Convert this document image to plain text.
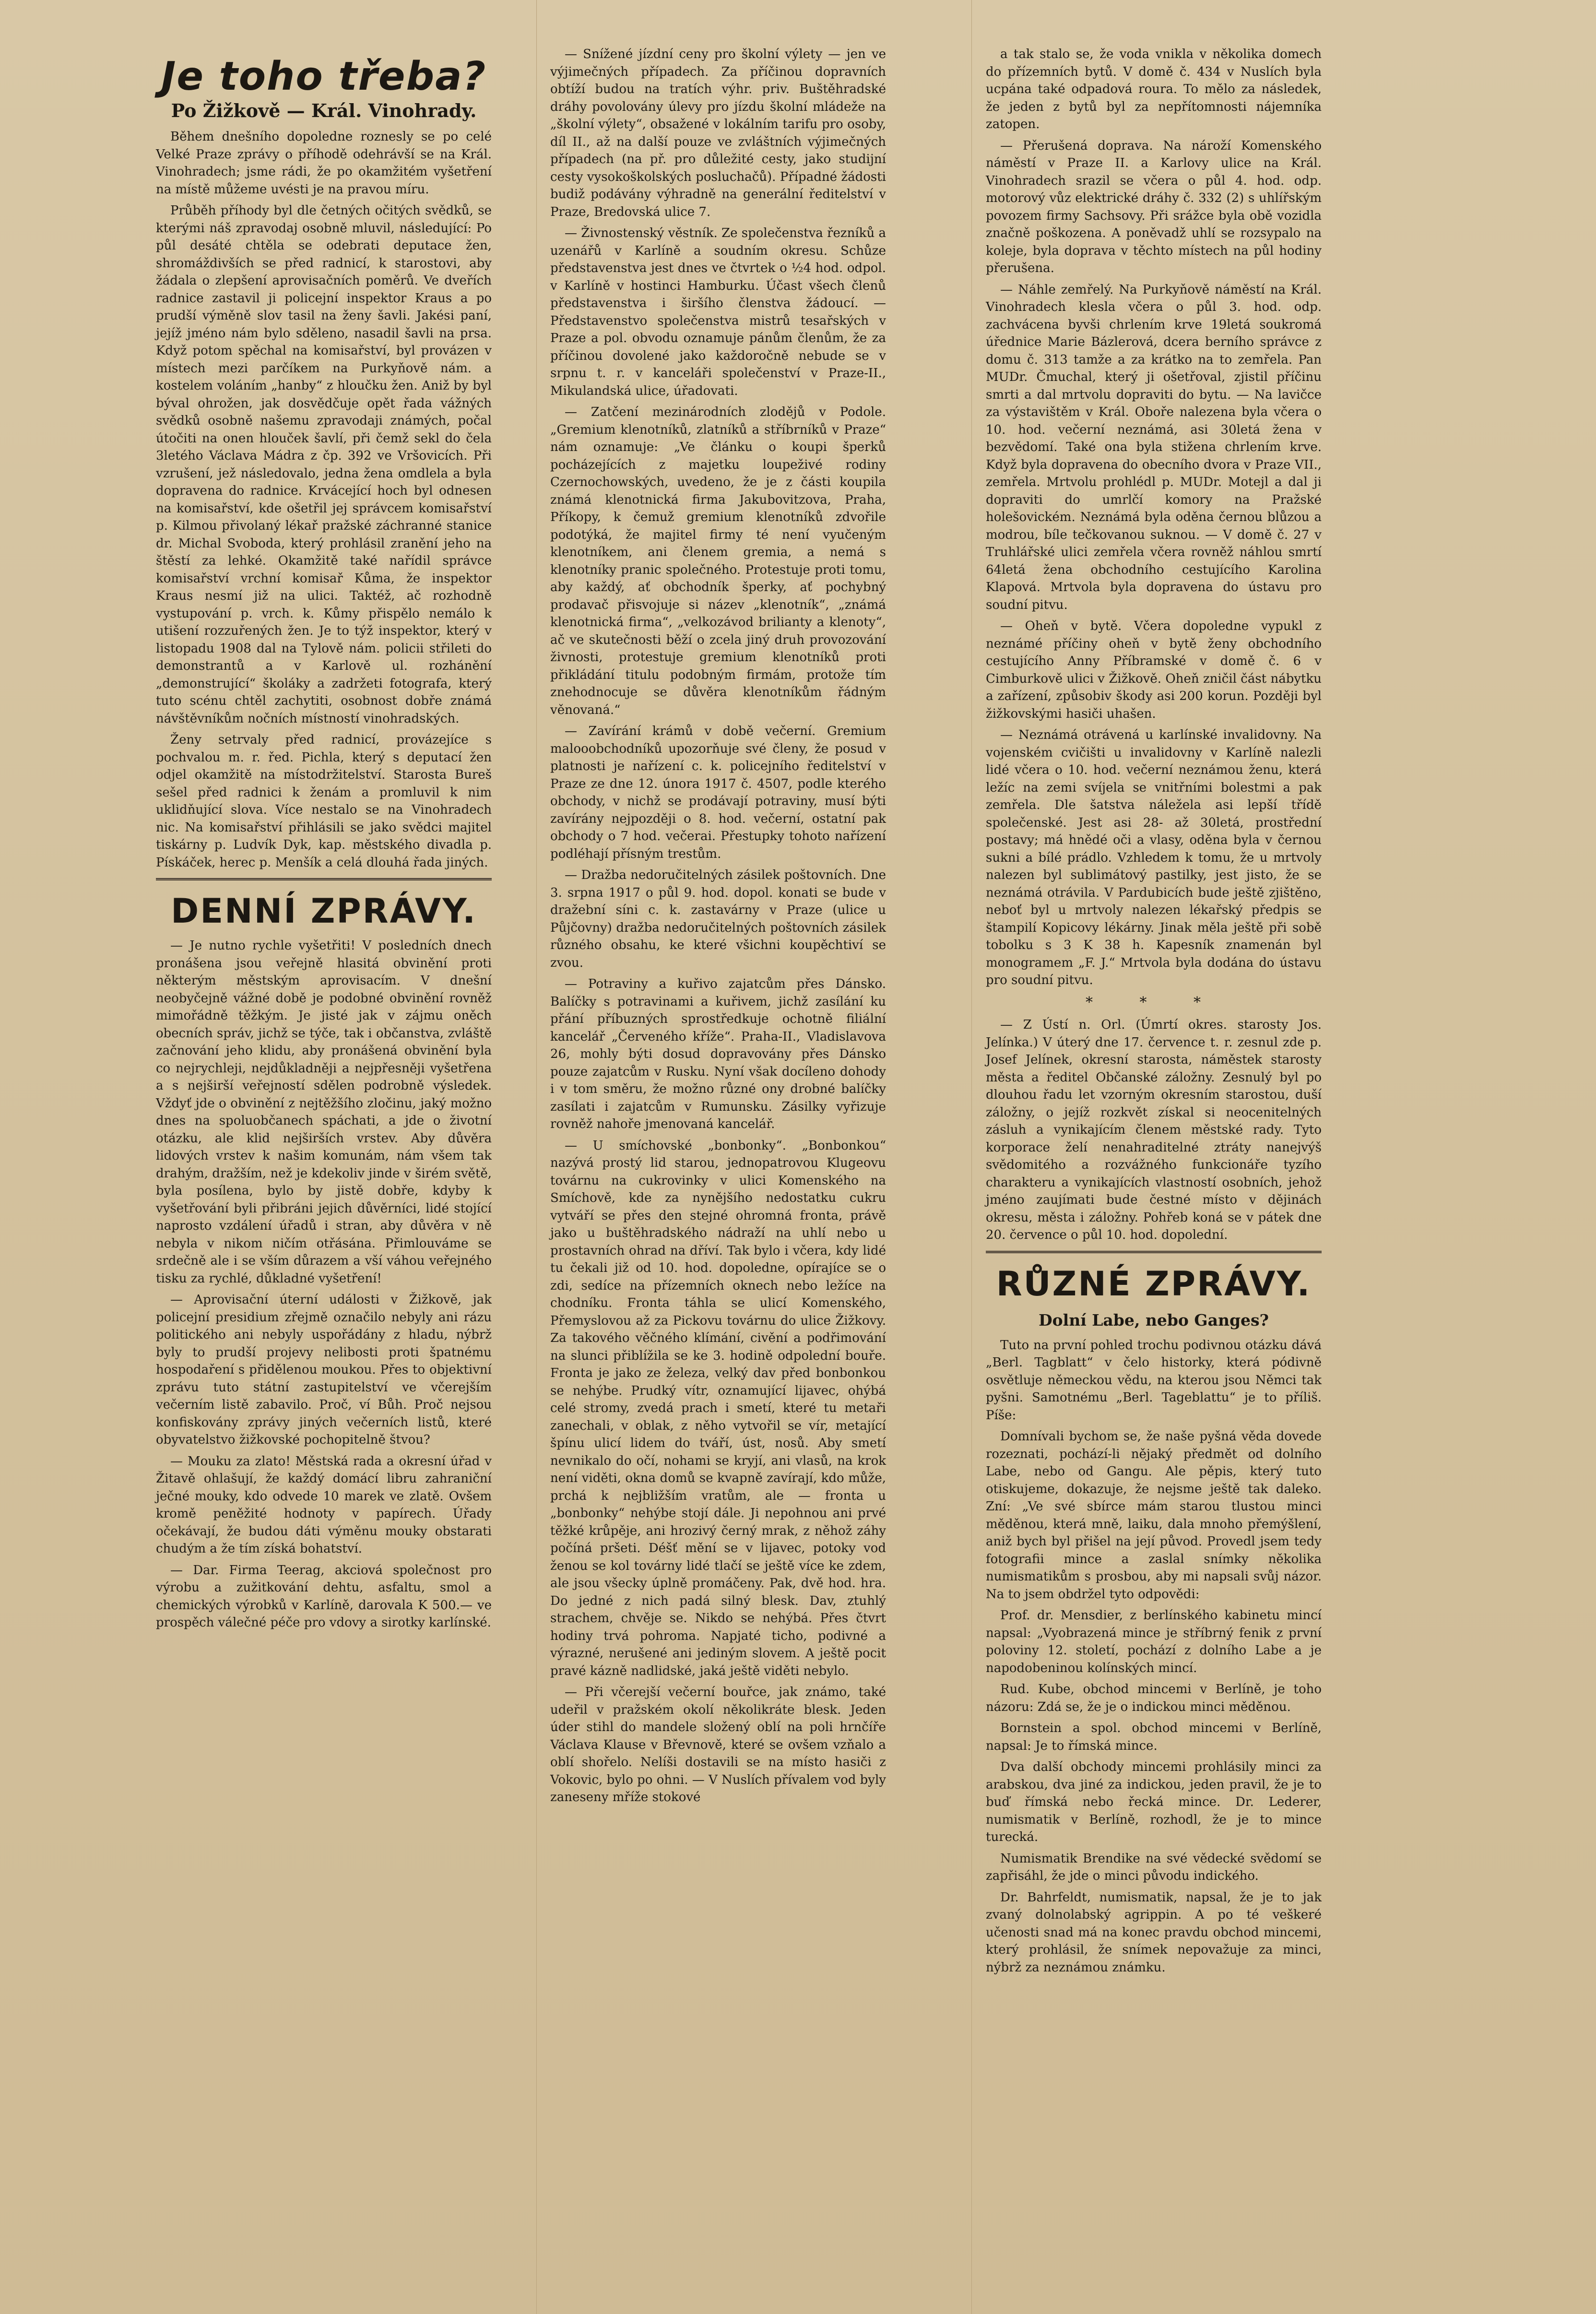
Je toho třeba?
Po Žižkově — Král. Vinohrady.

Během dnešního dopoledne roznesly se po celé Velké Praze zprávy o příhodě odehrávší se na Král. Vinohradech; jsme rádi, že po okamžitém vyšetření na místě můžeme uvésti je na pravou míru.

Průběh příhody byl dle četných očitých svědků, se kterými náš zpravodaj osobně mluvil, následující: Po půl desáté chtěla se odebrati deputace žen, shromáždivších se před radnicí, k starostovi, aby žádala o zlepšení aprovisačních poměrů. Ve dveřích radnice zastavil ji policejní inspektor Kraus a po prudší výměně slov tasil na ženy šavli. Jakési paní, jejíž jméno nám bylo sděleno, nasadil šavli na prsa. Když potom spěchal na komisařství, byl provázen v místech mezi parčíkem na Purkyňově nám. a kostelem voláním „hanby“ z hloučku žen. Aniž by byl býval ohrožen, jak dosvědčuje opět řada vážných svědků osobně našemu zpravodaji známých, počal útočiti na onen hlouček šavlí, při čemž sekl do čela 3letého Václava Mádra z čp. 392 ve Vršovicích. Při vzrušení, jež následovalo, jedna žena omdlela a byla dopravena do radnice. Krvácející hoch byl odnesen na komisařství, kde ošetřil jej správcem komisařství p. Kilmou přivolaný lékař pražské záchranné stanice dr. Michal Svoboda, který prohlásil zranění jeho na štěstí za lehké. Okamžitě také nařídil správce komisařství vrchní komisař Kůma, že inspektor Kraus nesmí již na ulici. Taktéž, ač rozhodně vystupování p. vrch. k. Kůmy přispělo nemálo k utišení rozzuřených žen. Je to týž inspektor, který v listopadu 1908 dal na Tylově nám. policii střileti do demonstrantů a v Karlově ul. rozhánění „demonstrující“ školáky a zadržeti fotografa, který tuto scénu chtěl zachytiti, osobnost dobře známá návštěvníkům nočních místností vinohradských.

Ženy setrvaly před radnicí, provázejíce s pochvalou m. r. řed. Pichla, který s deputací žen odjel okamžitě na místodržitelství. Starosta Bureš sešel před radnici k ženám a promluvil k nim uklidňující slova. Více nestalo se na Vinohradech nic. Na komisařství přihlásili se jako svědci majitel tiskárny p. Ludvík Dyk, kap. městského divadla p. Pískáček, herec p. Menšík a celá dlouhá řada jiných.

DENNÍ ZPRÁVY.

— Je nutno rychle vyšetřiti! V posledních dnech pronášena jsou veřejně hlasitá obvinění proti některým městským aprovisacím. V dnešní neobyčejně vážné době je podobné obvinění rovněž mimořádně těžkým. Je jisté jak v zájmu oněch obecních správ, jichž se týče, tak i občanstva, zvláště začnování jeho klidu, aby pronášená obvinění byla co nejrychleji, nejdůkladněji a nejpřesněji vyšetřena a s nejširší veřejností sdělen podrobně výsledek. Vždyť jde o obvinění z nejtěžšího zločinu, jaký možno dnes na spoluobčanech spáchati, a jde o životní otázku, ale klid nejširších vrstev. Aby důvěra lidových vrstev k našim komunám, nám všem tak drahým, dražším, než je kdekoliv jinde v širém světě, byla posílena, bylo by jistě dobře, kdyby k vyšetřování byli přibráni jejich důvěrníci, lidé stojící naprosto vzdálení úřadů i stran, aby důvěra v ně nebyla v nikom ničím otřásána. Přimlouváme se srdečně ale i se vším důrazem a vší váhou veřejného tisku za rychlé, důkladné vyšetření!

— Aprovisační úterní události v Žižkově, jak policejní presidium zřejmě označilo nebyly ani rázu politického ani nebyly uspořádány z hladu, nýbrž byly to prudší projevy nelibosti proti špatnému hospodaření s přidělenou moukou. Přes to objektivní zprávu tuto státní zastupitelství ve včerejším večerním listě zabavilo. Proč, ví Bůh. Proč nejsou konfiskovány zprávy jiných večerních listů, které obyvatelstvo žižkovské pochopitelně štvou?

— Mouku za zlato! Městská rada a okresní úřad v Žitavě ohlašují, že každý domácí libru zahraniční ječné mouky, kdo odvede 10 marek ve zlatě. Ovšem kromě peněžité hodnoty v papírech. Úřady očekávají, že budou dáti výměnu mouky obstarati chudým a že tím získá bohatství.

— Dar. Firma Teerag, akciová společnost pro výrobu a zužitkování dehtu, asfaltu, smol a chemických výrobků v Karlíně, darovala K 500.— ve prospěch válečné péče pro vdovy a sirotky karlínské.

— Snížené jízdní ceny pro školní výlety — jen ve výjimečných případech. Za příčinou dopravních obtíží budou na tratích výhr. priv. Buštěhradské dráhy povolovány úlevy pro jízdu školní mládeže na „školní výlety“, obsažené v lokálním tarifu pro osoby, díl II., až na další pouze ve zvláštních výjimečných případech (na př. pro důležité cesty, jako studijní cesty vysokoškolských posluchačů). Případné žádosti budiž podávány výhradně na generální ředitelství v Praze, Bredovská ulice 7.

— Živnostenský věstník. Ze společenstva řezníků a uzenářů v Karlíně a soudním okresu. Schůze představenstva jest dnes ve čtvrtek o ½4 hod. odpol. v Karlíně v hostinci Hamburku. Účast všech členů představenstva i širšího členstva žádoucí. — Představenstvo společenstva mistrů tesařských v Praze a pol. obvodu oznamuje pánům členům, že za příčinou dovolené jako každoročně nebude se v srpnu t. r. v kanceláři společenství v Praze-II., Mikulandská ulice, úřadovati.

— Zatčení mezinárodních zlodějů v Podole. „Gremium klenotníků, zlatníků a stříbrníků v Praze“ nám oznamuje: „Ve článku o koupi šperků pocházejících z majetku loupeživé rodiny Czernochowských, uvedeno, že je z části koupila známá klenotnická firma Jakubovitzova, Praha, Příkopy, k čemuž gremium klenotníků zdvořile podotýká, že majitel firmy té není vyučeným klenotníkem, ani členem gremia, a nemá s klenotníky pranic společného. Protestuje proti tomu, aby každý, ať obchodník šperky, ať pochybný prodavač přisvojuje si název „klenotník“, „známá klenotnická firma“, „velkozávod brilianty a klenoty“, ač ve skutečnosti běží o zcela jiný druh provozování živnosti, protestuje gremium klenotníků proti přikládání titulu podobným firmám, protože tím znehodnocuje se důvěra klenotníkům řádným věnovaná.“

— Zavírání krámů v době večerní. Gremium malooobchodníků upozorňuje své členy, že posud v platnosti je nařízení c. k. policejního ředitelství v Praze ze dne 12. února 1917 č. 4507, podle kterého obchody, v nichž se prodávají potraviny, musí býti zavírány nejpozději o 8. hod. večerní, ostatní pak obchody o 7 hod. večerai. Přestupky tohoto nařízení podléhají přísným trestům.

— Dražba nedoručitelných zásilek poštovních. Dne 3. srpna 1917 o půl 9. hod. dopol. konati se bude v dražební síni c. k. zastavárny v Praze (ulice u Půjčovny) dražba nedoručitelných poštovních zásilek různého obsahu, ke které všichni koupěchtiví se zvou.

— Potraviny a kuřivo zajatcům přes Dánsko. Balíčky s potravinami a kuřivem, jichž zasílání ku přání příbuzných sprostředkuje ochotně filiální kancelář „Červeného kříže“. Praha-II., Vladislavova 26, mohly býti dosud dopravovány přes Dánsko pouze zajatcům v Rusku. Nyní však docíleno dohody i v tom směru, že možno různé ony drobné balíčky zasílati i zajatcům v Rumunsku. Zásilky vyřizuje rovněž nahoře jmenovaná kancelář.

— U smíchovské „bonbonky“. „Bonbonkou“ nazývá prostý lid starou, jednopatrovou Klugeovu továrnu na cukrovinky v ulici Komenského na Smíchově, kde za nynějšího nedostatku cukru vytváří se přes den stejné ohromná fronta, právě jako u buštěhradského nádraží na uhlí nebo u prostavních ohrad na dříví. Tak bylo i včera, kdy lidé tu čekali již od 10. hod. dopoledne, opírajíce se o zdi, sedíce na přízemních oknech nebo ležíce na chodníku. Fronta táhla se ulicí Komenského, Přemyslovou až za Pickovu továrnu do ulice Žižkovy. Za takového věčného klímání, civění a podřimování na slunci přiblížila se ke 3. hodině odpolední bouře. Fronta je jako ze železa, velký dav před bonbonkou se nehýbe. Prudký vítr, oznamující lijavec, ohýbá celé stromy, zvedá prach i smetí, které tu metaři zanechali, v oblak, z něho vytvořil se vír, metající špínu ulicí lidem do tváří, úst, nosů. Aby smetí nevnikalo do očí, nohami se kryjí, ani vlasů, na krok není viděti, okna domů se kvapně zavírají, kdo může, prchá k nejbližším vratům, ale — fronta u „bonbonky“ nehýbe stojí dále. Ji nepohnou ani prvé těžké krůpěje, ani hrozivý černý mrak, z něhož záhy počíná pršeti. Déšť mění se v lijavec, potoky vod ženou se kol továrny lidé tlačí se ještě více ke zdem, ale jsou všecky úplně promáčeny. Pak, dvě hod. hra. Do jedné z nich padá silný blesk. Dav, ztuhlý strachem, chvěje se. Nikdo se nehýbá. Přes čtvrt hodiny trvá pohroma. Napjaté ticho, podivné a výrazné, nerušené ani jediným slovem. A ještě pocit pravé kázně nadlidské, jaká ještě viděti nebylo.

— Při včerejší večerní bouřce, jak známo, také udeřil v pražském okolí několikráte blesk. Jeden úder stihl do mandele složený oblí na poli hrnčíře Václava Klause v Břevnově, které se ovšem vzňalo a oblí shořelo. Nelíši dostavili se na místo hasiči z Vokovic, bylo po ohni. — V Nuslích přívalem vod byly zaneseny mříže stokové

a tak stalo se, že voda vnikla v několika domech do přízemních bytů. V domě č. 434 v Nuslích byla ucpána také odpadová roura. To mělo za následek, že jeden z bytů byl za nepřítomnosti nájemníka zatopen.

— Přerušená doprava. Na nároží Komenského náměstí v Praze II. a Karlovy ulice na Král. Vinohradech srazil se včera o půl 4. hod. odp. motorový vůz elektrické dráhy č. 332 (2) s uhlířským povozem firmy Sachsovy. Při srážce byla obě vozidla značně poškozena. A poněvadž uhlí se rozsypalo na koleje, byla doprava v těchto místech na půl hodiny přerušena.

— Náhle zemřelý. Na Purkyňově náměstí na Král. Vinohradech klesla včera o půl 3. hod. odp. zachvácena byvši chrlením krve 19letá soukromá úřednice Marie Bázlerová, dcera berního správce z domu č. 313 tamže a za krátko na to zemřela. Pan MUDr. Čmuchal, který ji ošetřoval, zjistil příčinu smrti a dal mrtvolu dopraviti do bytu. — Na lavičce za výstavištěm v Král. Oboře nalezena byla včera o 10. hod. večerní neznámá, asi 30letá žena v bezvědomí. Také ona byla stižena chrlením krve. Když byla dopravena do obecního dvora v Praze VII., zemřela. Mrtvolu prohlédl p. MUDr. Motejl a dal ji dopraviti do umrlčí komory na Pražské holešovickém. Neznámá byla oděna černou blůzou a modrou, bíle tečkovanou suknou. — V domě č. 27 v Truhlářské ulici zemřela včera rovněž náhlou smrtí 64letá žena obchodního cestujícího Karolina Klapová. Mrtvola byla dopravena do ústavu pro soudní pitvu.

— Oheň v bytě. Včera dopoledne vypukl z neznámé příčiny oheň v bytě ženy obchodního cestujícího Anny Příbramské v domě č. 6 v Cimburkově ulici v Žižkově. Oheň zničil část nábytku a zařízení, způsobiv škody asi 200 korun. Později byl žižkovskými hasiči uhašen.

— Neznámá otrávená u karlínské invalidovny. Na vojenském cvičišti u invalidovny v Karlíně nalezli lidé včera o 10. hod. večerní neznámou ženu, která ležíc na zemi svíjela se vnitřními bolestmi a pak zemřela. Dle šatstva náležela asi lepší třídě společenské. Jest asi 28- až 30letá, prostřední postavy; má hnědé oči a vlasy, oděna byla v černou sukni a bílé prádlo. Vzhledem k tomu, že u mrtvoly nalezen byl sublimátový pastilky, jest jisto, že se neznámá otrávila. V Pardubicích bude ještě zjištěno, neboť byl u mrtvoly nalezen lékařský předpis se štampilí Kopicovy lékárny. Jinak měla ještě při sobě tobolku s 3 K 38 h. Kapesník znamenán byl monogramem „F. J.“ Mrtvola byla dodána do ústavu pro soudní pitvu.

* * *

— Z Ústí n. Orl. (Úmrtí okres. starosty Jos. Jelínka.) V úterý dne 17. července t. r. zesnul zde p. Josef Jelínek, okresní starosta, náměstek starosty města a ředitel Občanské záložny. Zesnulý byl po dlouhou řadu let vzorným okresním starostou, duší záložny, o jejíž rozkvět získal si neocenitelných zásluh a vynikajícím členem městské rady. Tyto korporace želí nenahraditelné ztráty nanejvýš svědomitého a rozvážného funkcionáře tyzího charakteru a vynikajících vlastností osobních, jehož jméno zaujímati bude čestné místo v dějinách okresu, města i záložny. Pohřeb koná se v pátek dne 20. července o půl 10. hod. dopolední.

RŮZNÉ ZPRÁVY.
Dolní Labe, nebo Ganges?

Tuto na první pohled trochu podivnou otázku dává „Berl. Tagblatt“ v čelo historky, která pódivně osvětluje německou vědu, na kterou jsou Němci tak pyšni. Samotnému „Berl. Tageblattu“ je to příliš. Píše:

Domnívali bychom se, že naše pyšná věda dovede rozeznati, pochází-li nějaký předmět od dolního Labe, nebo od Gangu. Ale pěpis, který tuto otiskujeme, dokazuje, že nejsme ještě tak daleko. Zní: „Ve své sbírce mám starou tlustou minci měděnou, která mně, laiku, dala mnoho přemýšlení, aniž bych byl přišel na její původ. Provedl jsem tedy fotografii mince a zaslal snímky několika numismatikům s prosbou, aby mi napsali svůj názor. Na to jsem obdržel tyto odpovědi:

Prof. dr. Mensdier, z berlínského kabinetu mincí napsal: „Vyobrazená mince je stříbrný fenik z první poloviny 12. století, pochází z dolního Labe a je napodobeninou kolínských mincí.

Rud. Kube, obchod mincemi v Berlíně, je toho názoru: Zdá se, že je o indickou minci měděnou.

Bornstein a spol. obchod mincemi v Berlíně, napsal: Je to římská mince.

Dva další obchody mincemi prohlásily minci za arabskou, dva jiné za indickou, jeden pravil, že je to buď římská nebo řecká mince. Dr. Lederer, numismatik v Berlíně, rozhodl, že je to mince turecká.

Numismatik Brendike na své vědecké svědomí se zapřisáhl, že jde o minci původu indického.

Dr. Bahrfeldt, numismatik, napsal, že je to jak zvaný dolnolabský agrippin. A po té veškeré učenosti snad má na konec pravdu obchod mincemi, který prohlásil, že snímek nepovažuje za minci, nýbrž za neznámou známku.
